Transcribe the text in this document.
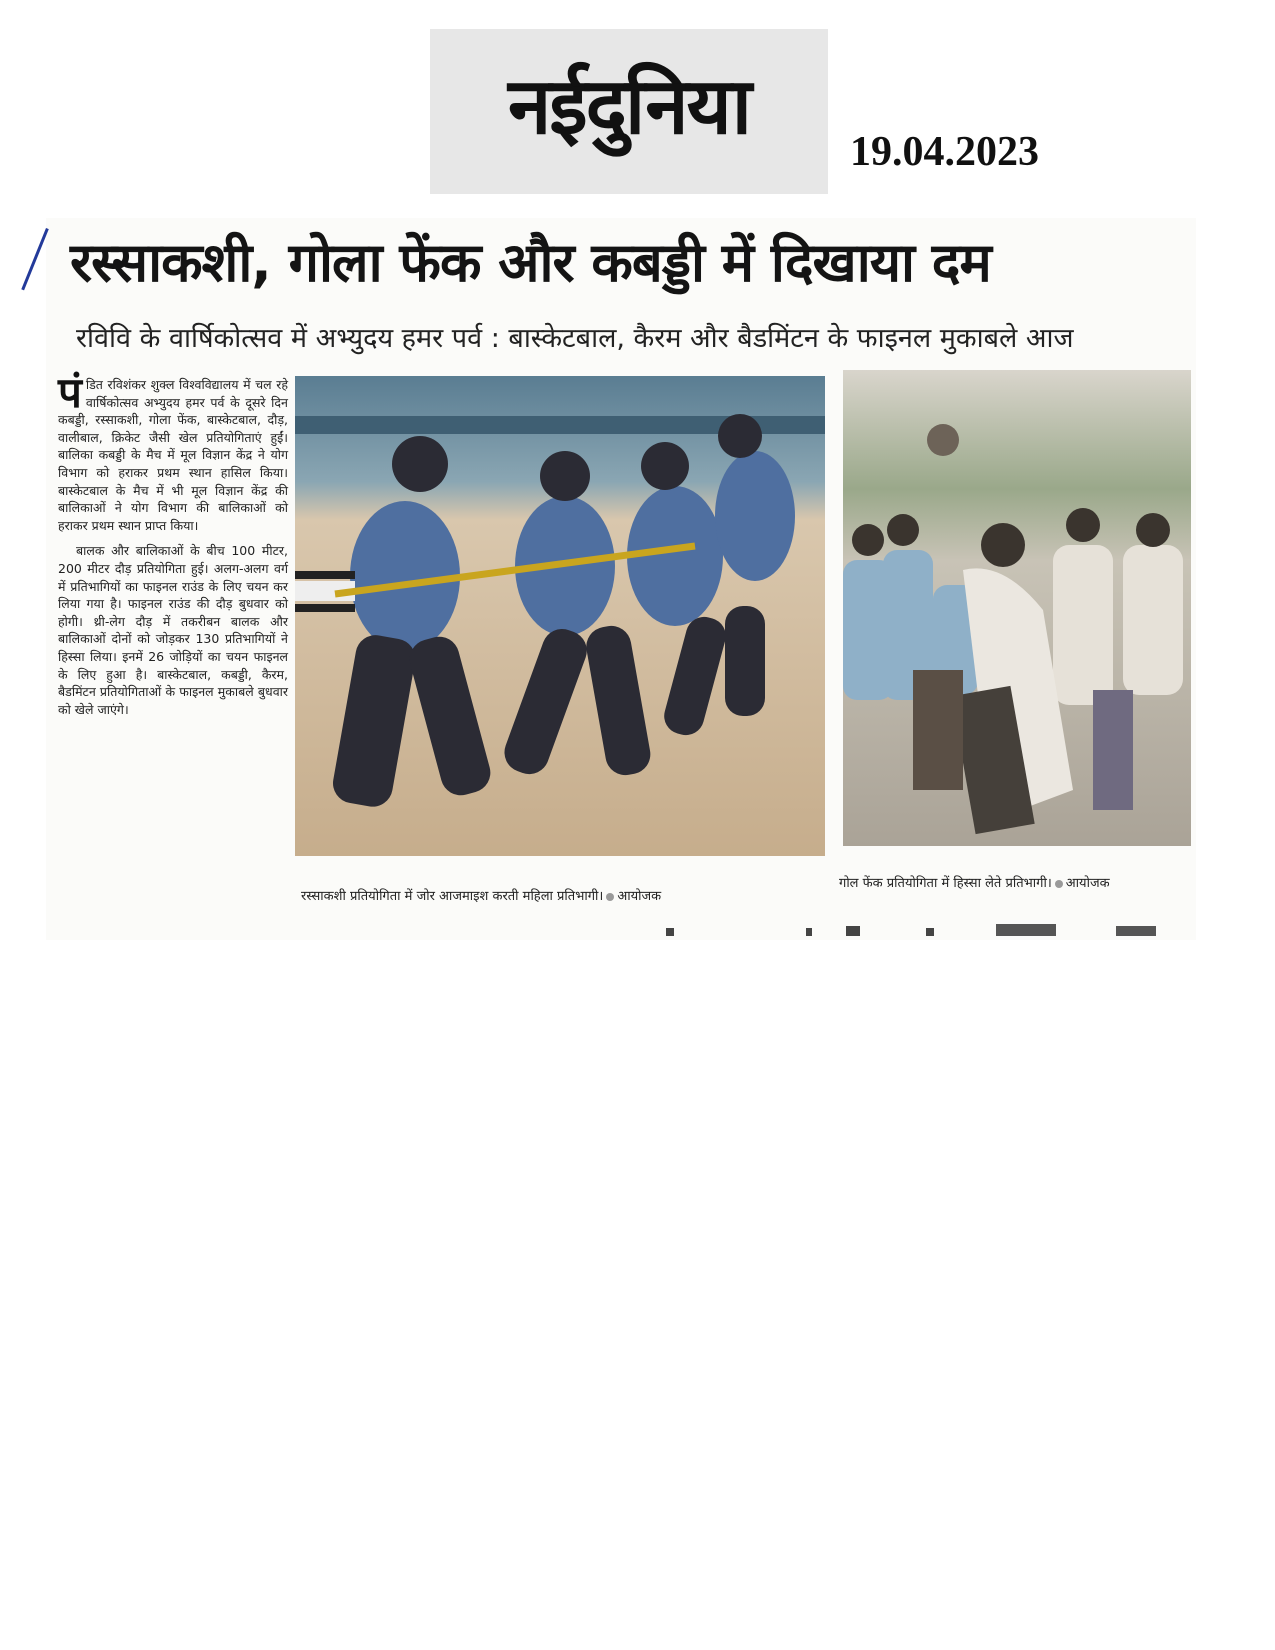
नईदुनिया
19.04.2023
रस्साकशी, गोला फेंक और कबड्डी में दिखाया दम
रविवि के वार्षिकोत्सव में अभ्युदय हमर पर्व : बास्केटबाल, कैरम और बैडमिंटन के फाइनल मुकाबले आज

पंडित रविशंकर शुक्ल विश्वविद्यालय में चल रहे वार्षिकोत्सव अभ्युदय हमर पर्व के दूसरे दिन कबड्डी, रस्साकशी, गोला फेंक, बास्केटबाल, दौड़, वालीबाल, क्रिकेट जैसी खेल प्रतियोगिताएं हुईं। बालिका कबड्डी के मैच में मूल विज्ञान केंद्र ने योग विभाग को हराकर प्रथम स्थान हासिल किया। बास्केटबाल के मैच में भी मूल विज्ञान केंद्र की बालिकाओं ने योग विभाग की बालिकाओं को हराकर प्रथम स्थान प्राप्त किया।

बालक और बालिकाओं के बीच 100 मीटर, 200 मीटर दौड़ प्रतियोगिता हुई। अलग-अलग वर्ग में प्रतिभागियों का फाइनल राउंड के लिए चयन कर लिया गया है। फाइनल राउंड की दौड़ बुधवार को होगी। थ्री-लेग दौड़ में तकरीबन बालक और बालिकाओं दोनों को जोड़कर 130 प्रतिभागियों ने हिस्सा लिया। इनमें 26 जोड़ियों का चयन फाइनल के लिए हुआ है। बास्केटबाल, कबड्डी, कैरम, बैडमिंटन प्रतियोगिताओं के फाइनल मुकाबले बुधवार को खेले जाएंगे।

रस्साकशी प्रतियोगिता में जोर आजमाइश करती महिला प्रतिभागी। आयोजक
गोल फेंक प्रतियोगिता में हिस्सा लेते प्रतिभागी। आयोजक
